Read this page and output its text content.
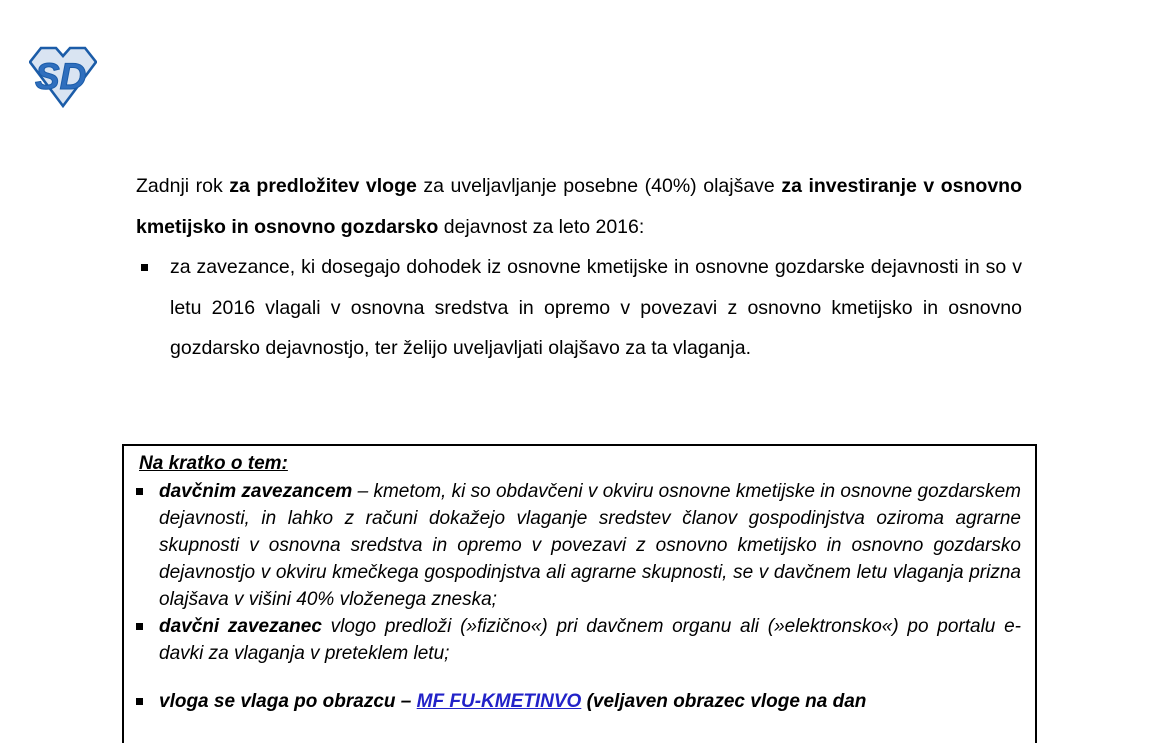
SD

Zadnji rok za predložitev vloge za uveljavljanje posebne (40%) olajšave za investiranje v osnovno kmetijsko in osnovno gozdarsko dejavnost za leto 2016:

za zavezance, ki dosegajo dohodek iz osnovne kmetijske in osnovne gozdarske dejavnosti in so v letu 2016 vlagali v osnovna sredstva in opremo v povezavi z osnovno kmetijsko in osnovno gozdarsko dejavnostjo, ter želijo uveljavljati olajšavo za ta vlaganja.
Na kratko o tem:
davčnim zavezancem – kmetom, ki so obdavčeni v okviru osnovne kmetijske in osnovne gozdarskem dejavnosti, in lahko z računi dokažejo vlaganje sredstev članov gospodinjstva oziroma agrarne skupnosti v osnovna sredstva in opremo v povezavi z osnovno kmetijsko in osnovno gozdarsko dejavnostjo v okviru kmečkega gospodinjstva ali agrarne skupnosti, se v davčnem letu vlaganja prizna olajšava v višini 40% vloženega zneska;
davčni zavezanec vlogo predloži (»fizično«) pri davčnem organu ali (»elektronsko«) po portalu e-davki za vlaganja v preteklem letu;
vloga se vlaga po obrazcu – MF FU-KMETINVO (veljaven obrazec vloge na dan
